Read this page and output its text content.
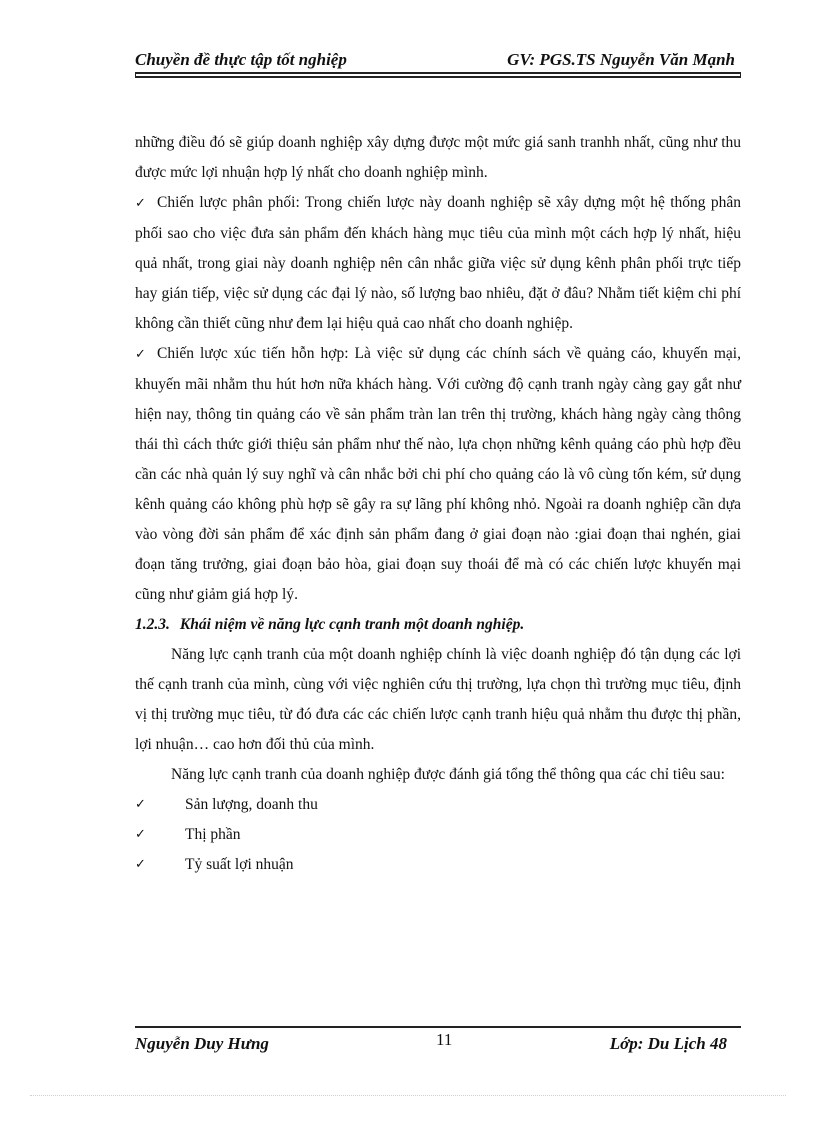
Chuyền đề thực tập tốt nghiệp	GV: PGS.TS Nguyễn Văn Mạnh

những điều đó sẽ giúp doanh nghiệp xây dựng được một mức giá sanh tranhh nhất, cũng như thu được mức lợi nhuận hợp lý nhất cho doanh nghiệp mình.

✓ Chiến lược phân phối: Trong chiến lược này doanh nghiệp sẽ xây dựng một hệ thống phân phối sao cho việc đưa sản phẩm đến khách hàng mục tiêu của mình một cách hợp lý nhất, hiệu quả nhất, trong giai này doanh nghiệp nên cân nhắc giữa việc sử dụng kênh phân phối trực tiếp hay gián tiếp, việc sử dụng các đại lý nào, số lượng bao nhiêu, đặt ở đâu? Nhằm tiết kiệm chi phí không cần thiết cũng như đem lại hiệu quả cao nhất cho doanh nghiệp.

✓ Chiến lược xúc tiến hỗn hợp: Là việc sử dụng các chính sách về quảng cáo, khuyến mại, khuyến mãi nhằm thu hút hơn nữa khách hàng. Với cường độ cạnh tranh ngày càng gay gắt như hiện nay, thông tin quảng cáo về sản phẩm tràn lan trên thị trường, khách hàng ngày càng thông thái thì cách thức giới thiệu sản phẩm như thế nào, lựa chọn những kênh quảng cáo phù hợp đều cần các nhà quản lý suy nghĩ và cân nhắc bởi chi phí cho quảng cáo là vô cùng tốn kém, sử dụng kênh quảng cáo không phù hợp sẽ gây ra sự lãng phí không nhỏ. Ngoài ra doanh nghiệp cần dựa vào vòng đời sản phẩm để xác định sản phẩm đang ở giai đoạn nào :giai đoạn thai nghén, giai đoạn tăng trưởng, giai đoạn bảo hòa, giai đoạn suy thoái để mà có các chiến lược khuyến mại cũng như giảm giá hợp lý.

1.2.3. Khái niệm về năng lực cạnh tranh một doanh nghiệp.

Năng lực cạnh tranh của một doanh nghiệp chính là việc doanh nghiệp đó tận dụng các lợi thế cạnh tranh của mình, cùng với việc nghiên cứu thị trường, lựa chọn thì trường mục tiêu, định vị thị trường mục tiêu, từ đó đưa các các chiến lược cạnh tranh hiệu quả nhằm thu được thị phần, lợi nhuận… cao hơn đối thủ của mình.

Năng lực cạnh tranh của doanh nghiệp được đánh giá tổng thể thông qua các chỉ tiêu sau:

✓	Sản lượng, doanh thu
✓	Thị phần
✓	Tỷ suất lợi nhuận
Nguyễn Duy Hưng	11	Lớp: Du Lịch 48
